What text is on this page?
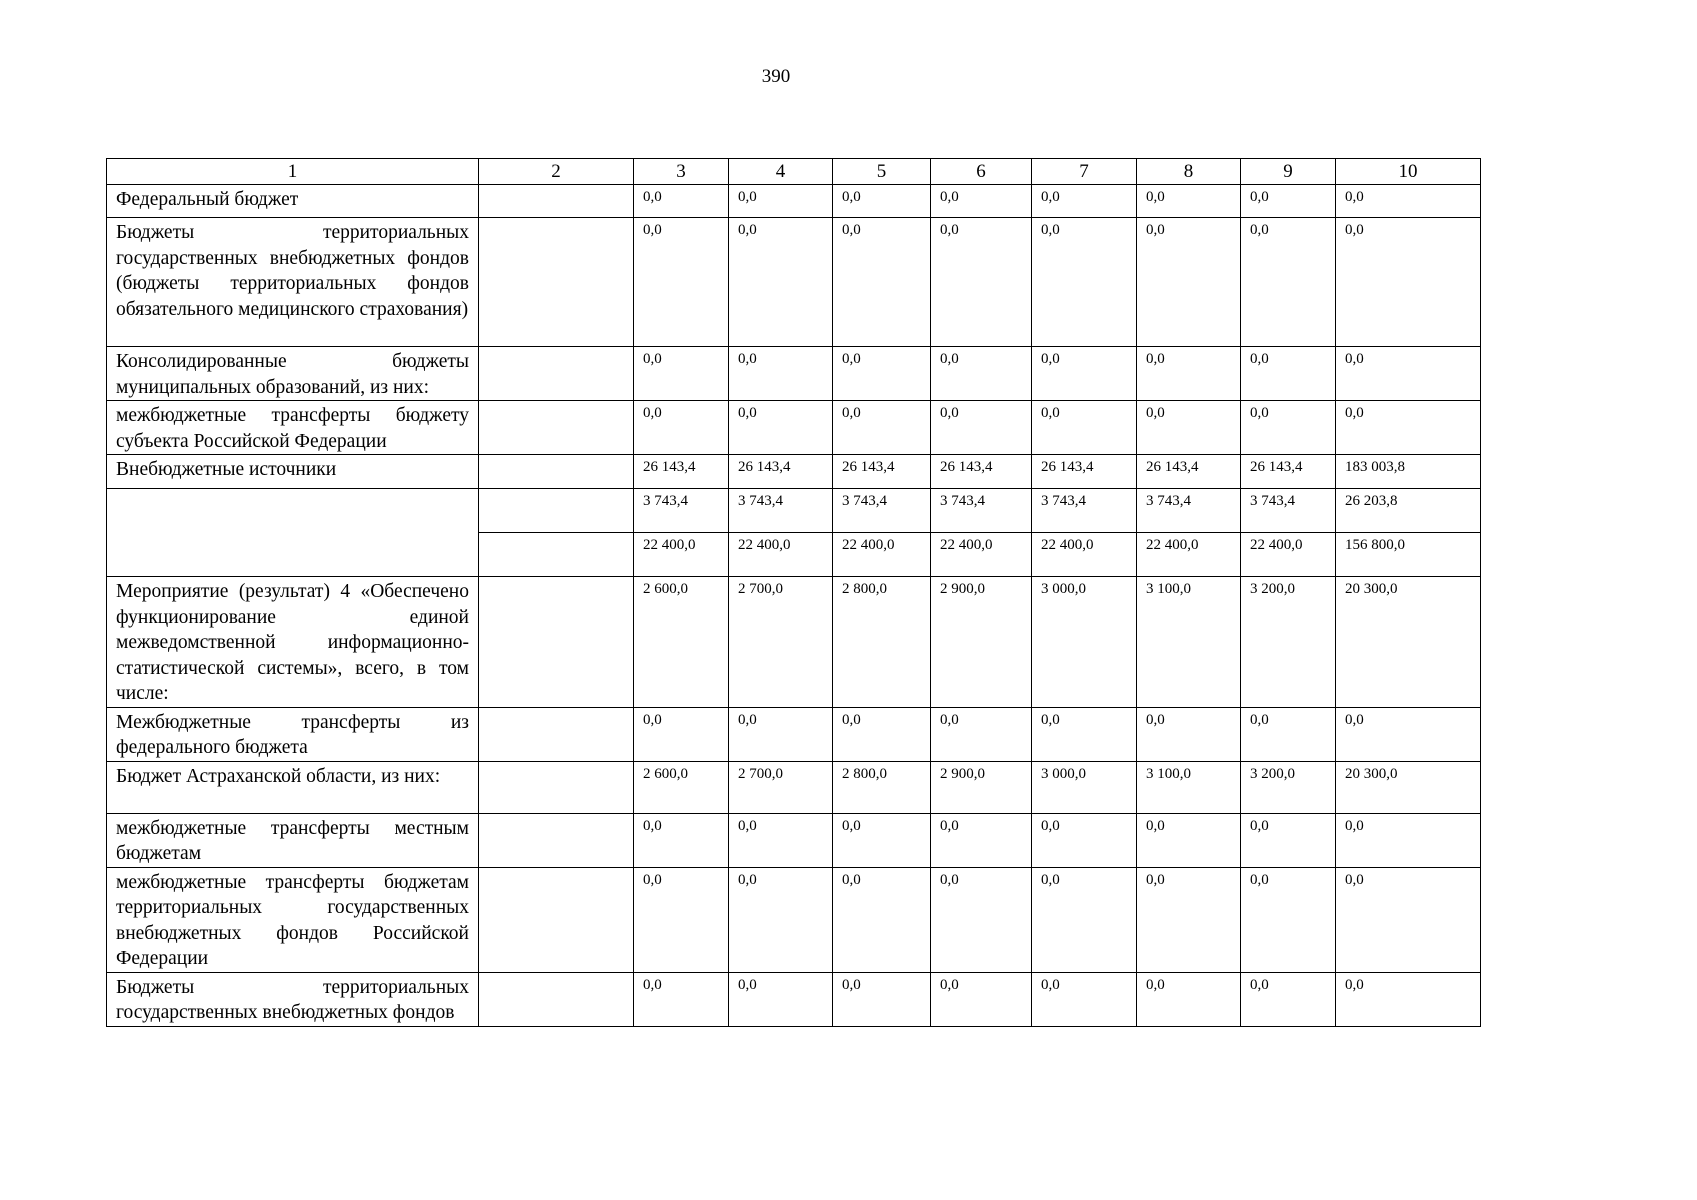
390
1	2	3	4	5	6	7	8	9	10
Федеральный бюджет		0,0	0,0	0,0	0,0	0,0	0,0	0,0	0,0
Бюджеты территориальных государственных внебюджетных фондов (бюджеты территориальных фондов обязательного медицинского страхования)		0,0	0,0	0,0	0,0	0,0	0,0	0,0	0,0
Консолидированные бюджеты муниципальных образований, из них:		0,0	0,0	0,0	0,0	0,0	0,0	0,0	0,0
межбюджетные трансферты бюджету субъекта Российской Федерации		0,0	0,0	0,0	0,0	0,0	0,0	0,0	0,0
Внебюджетные источники		26 143,4	26 143,4	26 143,4	26 143,4	26 143,4	26 143,4	26 143,4	183 003,8
		3 743,4	3 743,4	3 743,4	3 743,4	3 743,4	3 743,4	3 743,4	26 203,8
		22 400,0	22 400,0	22 400,0	22 400,0	22 400,0	22 400,0	22 400,0	156 800,0
Мероприятие (результат) 4 «Обеспечено функционирование единой межведомственной информационно-статистической системы», всего, в том числе:		2 600,0	2 700,0	2 800,0	2 900,0	3 000,0	3 100,0	3 200,0	20 300,0
Межбюджетные трансферты из федерального бюджета		0,0	0,0	0,0	0,0	0,0	0,0	0,0	0,0
Бюджет Астраханской области, из них:		2 600,0	2 700,0	2 800,0	2 900,0	3 000,0	3 100,0	3 200,0	20 300,0
межбюджетные трансферты местным бюджетам		0,0	0,0	0,0	0,0	0,0	0,0	0,0	0,0
межбюджетные трансферты бюджетам территориальных государственных внебюджетных фондов Российской Федерации		0,0	0,0	0,0	0,0	0,0	0,0	0,0	0,0
Бюджеты территориальных государственных внебюджетных фондов		0,0	0,0	0,0	0,0	0,0	0,0	0,0	0,0
